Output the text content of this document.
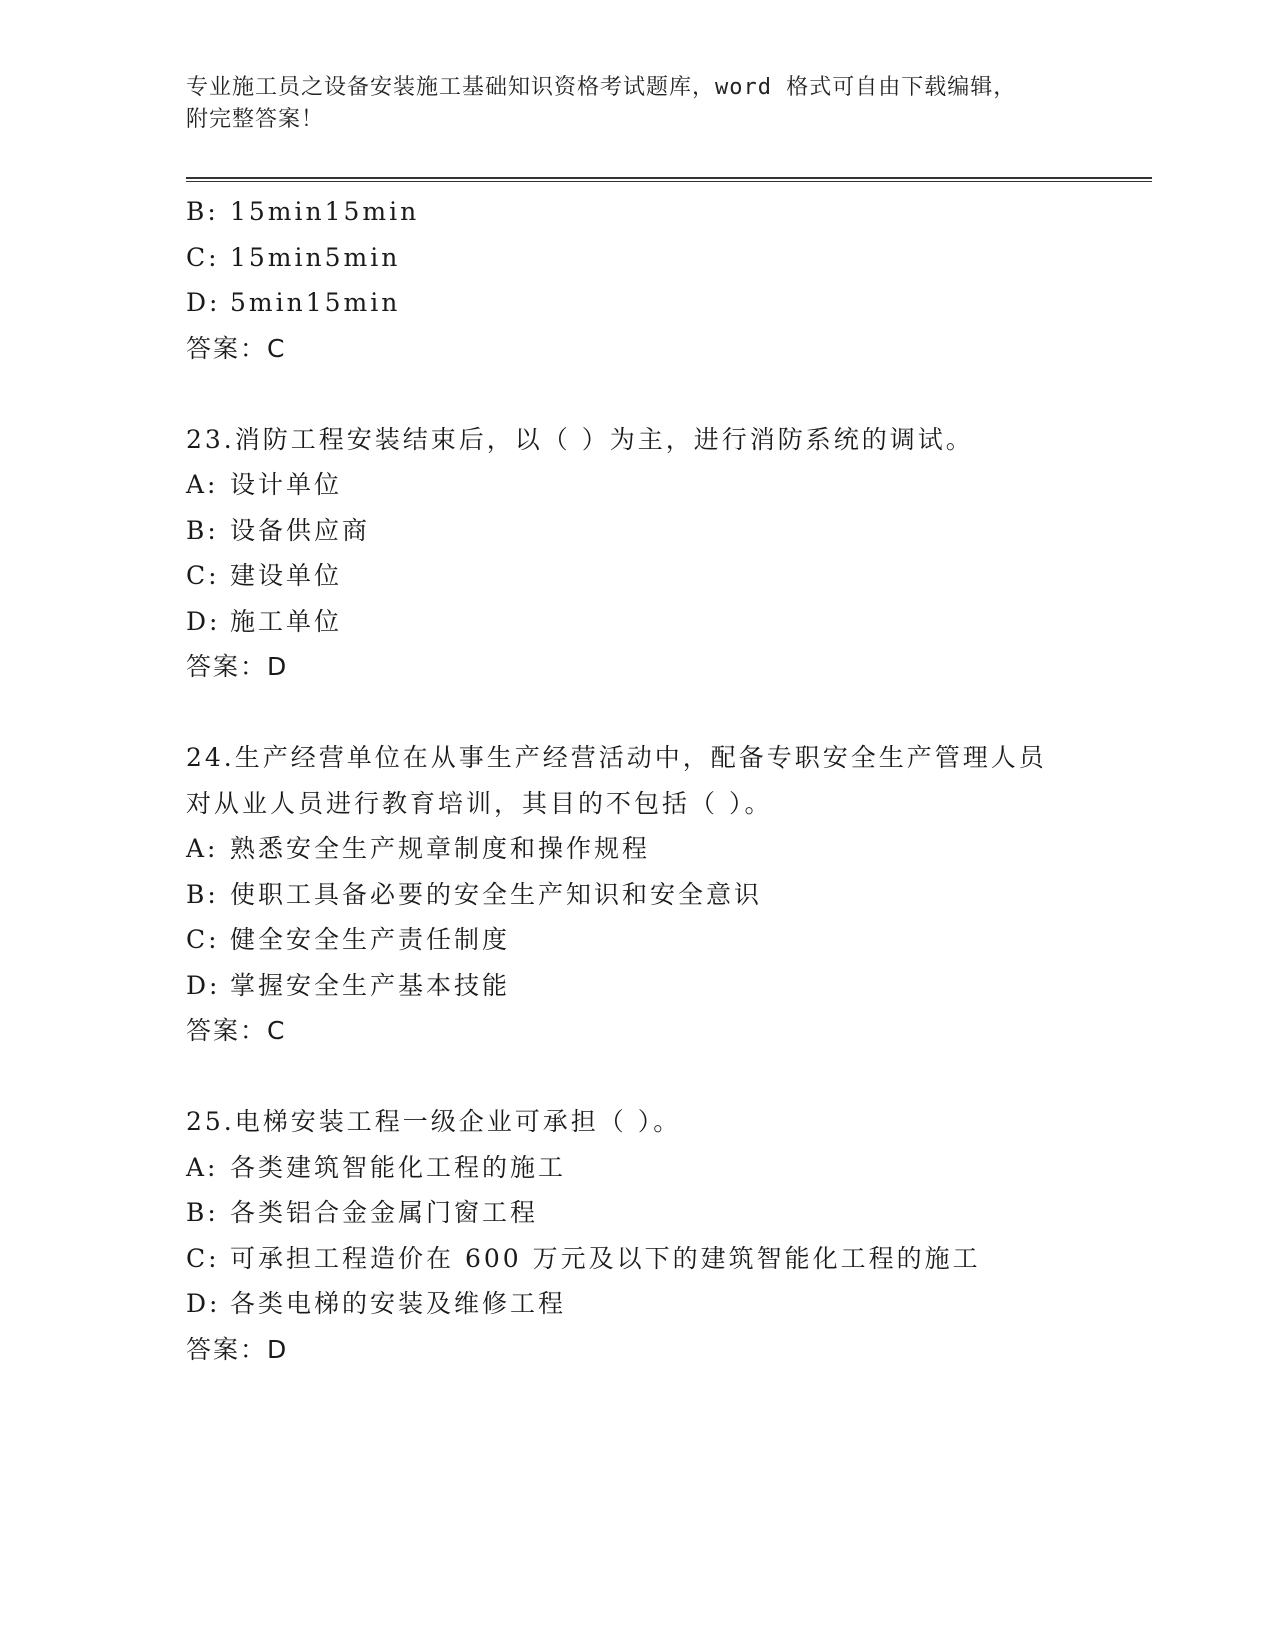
专业施工员之设备安装施工基础知识资格考试题库，word 格式可自由下载编辑，
附完整答案！
B: 15min15min
C: 15min5min
D: 5min15min
答案：C
23.消防工程安装结束后，以（ ）为主，进行消防系统的调试。
A: 设计单位
B: 设备供应商
C: 建设单位
D: 施工单位
答案：D
24.生产经营单位在从事生产经营活动中，配备专职安全生产管理人员
对从业人员进行教育培训，其目的不包括（ ）。
A: 熟悉安全生产规章制度和操作规程
B: 使职工具备必要的安全生产知识和安全意识
C: 健全安全生产责任制度
D: 掌握安全生产基本技能
答案：C
25.电梯安装工程一级企业可承担（ ）。
A: 各类建筑智能化工程的施工
B: 各类铝合金金属门窗工程
C: 可承担工程造价在 600 万元及以下的建筑智能化工程的施工
D: 各类电梯的安装及维修工程
答案：D
